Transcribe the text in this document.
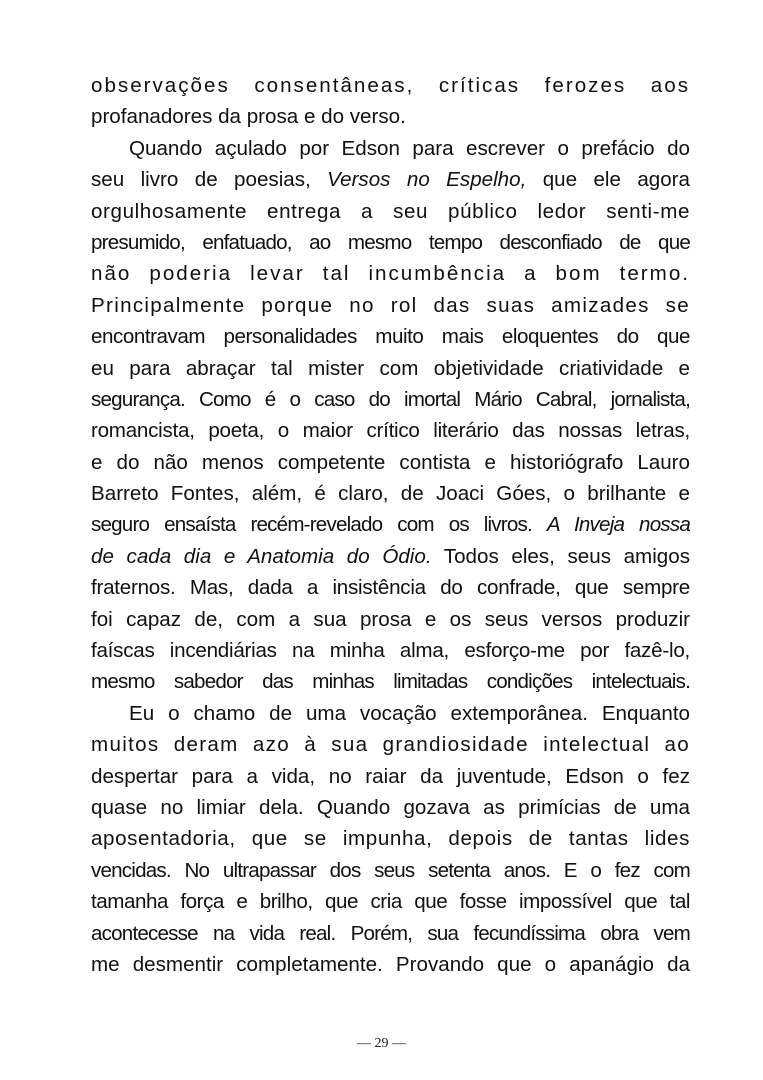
observações consentâneas, críticas ferozes aos
profanadores da prosa e do verso.
Quando açulado por Edson para escrever o prefácio do
seu livro de poesias, Versos no Espelho, que ele agora
orgulhosamente entrega a seu público ledor senti-me
presumido, enfatuado, ao mesmo tempo desconfiado de que
não poderia levar tal incumbência a bom termo.
Principalmente porque no rol das suas amizades se
encontravam personalidades muito mais eloquentes do que
eu para abraçar tal mister com objetividade criatividade e
segurança. Como é o caso do imortal Mário Cabral, jornalista,
romancista, poeta, o maior crítico literário das nossas letras,
e do não menos competente contista e historiógrafo Lauro
Barreto Fontes, além, é claro, de Joaci Góes, o brilhante e
seguro ensaísta recém-revelado com os livros. A Inveja nossa
de cada dia e Anatomia do Ódio. Todos eles, seus amigos
fraternos. Mas, dada a insistência do confrade, que sempre
foi capaz de, com a sua prosa e os seus versos produzir
faíscas incendiárias na minha alma, esforço-me por fazê-lo,
mesmo sabedor das minhas limitadas condições intelectuais.
Eu o chamo de uma vocação extemporânea. Enquanto
muitos deram azo à sua grandiosidade intelectual ao
despertar para a vida, no raiar da juventude, Edson o fez
quase no limiar dela. Quando gozava as primícias de uma
aposentadoria, que se impunha, depois de tantas lides
vencidas. No ultrapassar dos seus setenta anos. E o fez com
tamanha força e brilho, que cria que fosse impossível que tal
acontecesse na vida real. Porém, sua fecundíssima obra vem
me desmentir completamente. Provando que o apanágio da
— 29 —
